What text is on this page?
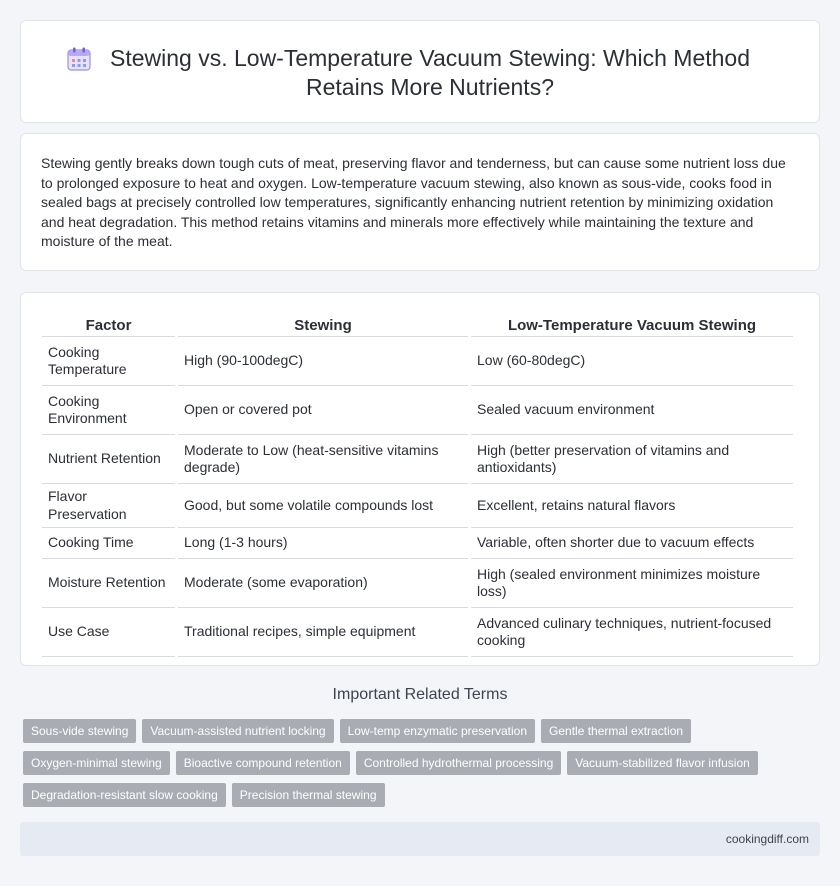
Stewing vs. Low-Temperature Vacuum Stewing: Which Method Retains More Nutrients?

Stewing gently breaks down tough cuts of meat, preserving flavor and tenderness, but can cause some nutrient loss due to prolonged exposure to heat and oxygen. Low-temperature vacuum stewing, also known as sous-vide, cooks food in sealed bags at precisely controlled low temperatures, significantly enhancing nutrient retention by minimizing oxidation and heat degradation. This method retains vitamins and minerals more effectively while maintaining the texture and moisture of the meat.

Factor	Stewing	Low-Temperature Vacuum Stewing
Cooking Temperature	High (90-100degC)	Low (60-80degC)
Cooking Environment	Open or covered pot	Sealed vacuum environment
Nutrient Retention	Moderate to Low (heat-sensitive vitamins degrade)	High (better preservation of vitamins and antioxidants)
Flavor Preservation	Good, but some volatile compounds lost	Excellent, retains natural flavors
Cooking Time	Long (1-3 hours)	Variable, often shorter due to vacuum effects
Moisture Retention	Moderate (some evaporation)	High (sealed environment minimizes moisture loss)
Use Case	Traditional recipes, simple equipment	Advanced culinary techniques, nutrient-focused cooking
Important Related Terms
Sous-vide stewing	Vacuum-assisted nutrient locking	Low-temp enzymatic preservation	Gentle thermal extraction
Oxygen-minimal stewing	Bioactive compound retention	Controlled hydrothermal processing	Vacuum-stabilized flavor infusion
Degradation-resistant slow cooking	Precision thermal stewing
cookingdiff.com
